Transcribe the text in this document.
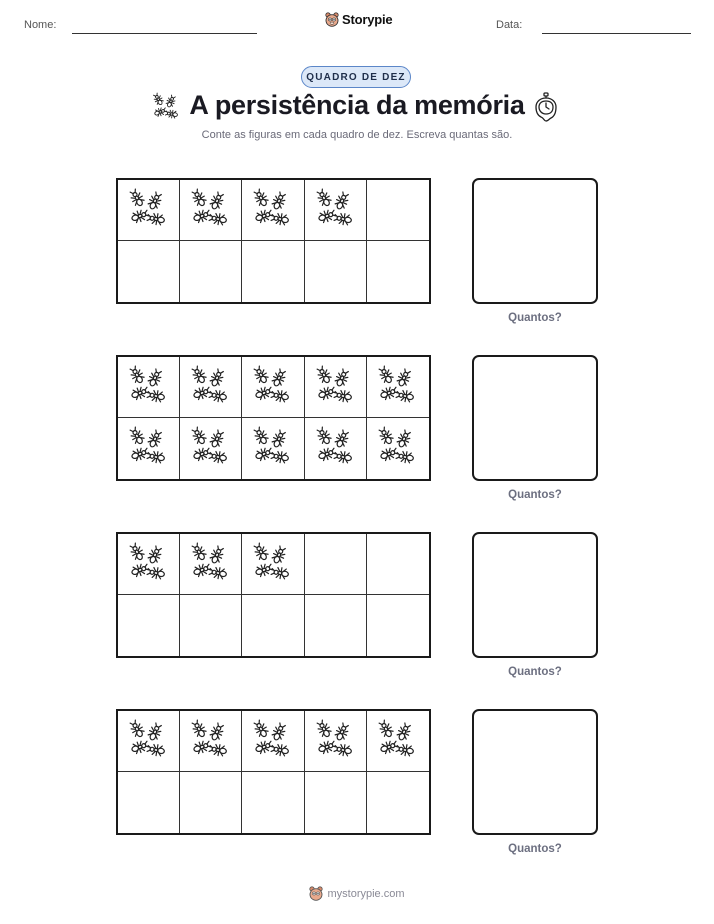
Nome:	Storypie	Data:
QUADRO DE DEZ
A persistência da memória
Conte as figuras em cada quadro de dez. Escreva quantas são.
Quantos?
Quantos?
Quantos?
Quantos?
mystorypie.com
